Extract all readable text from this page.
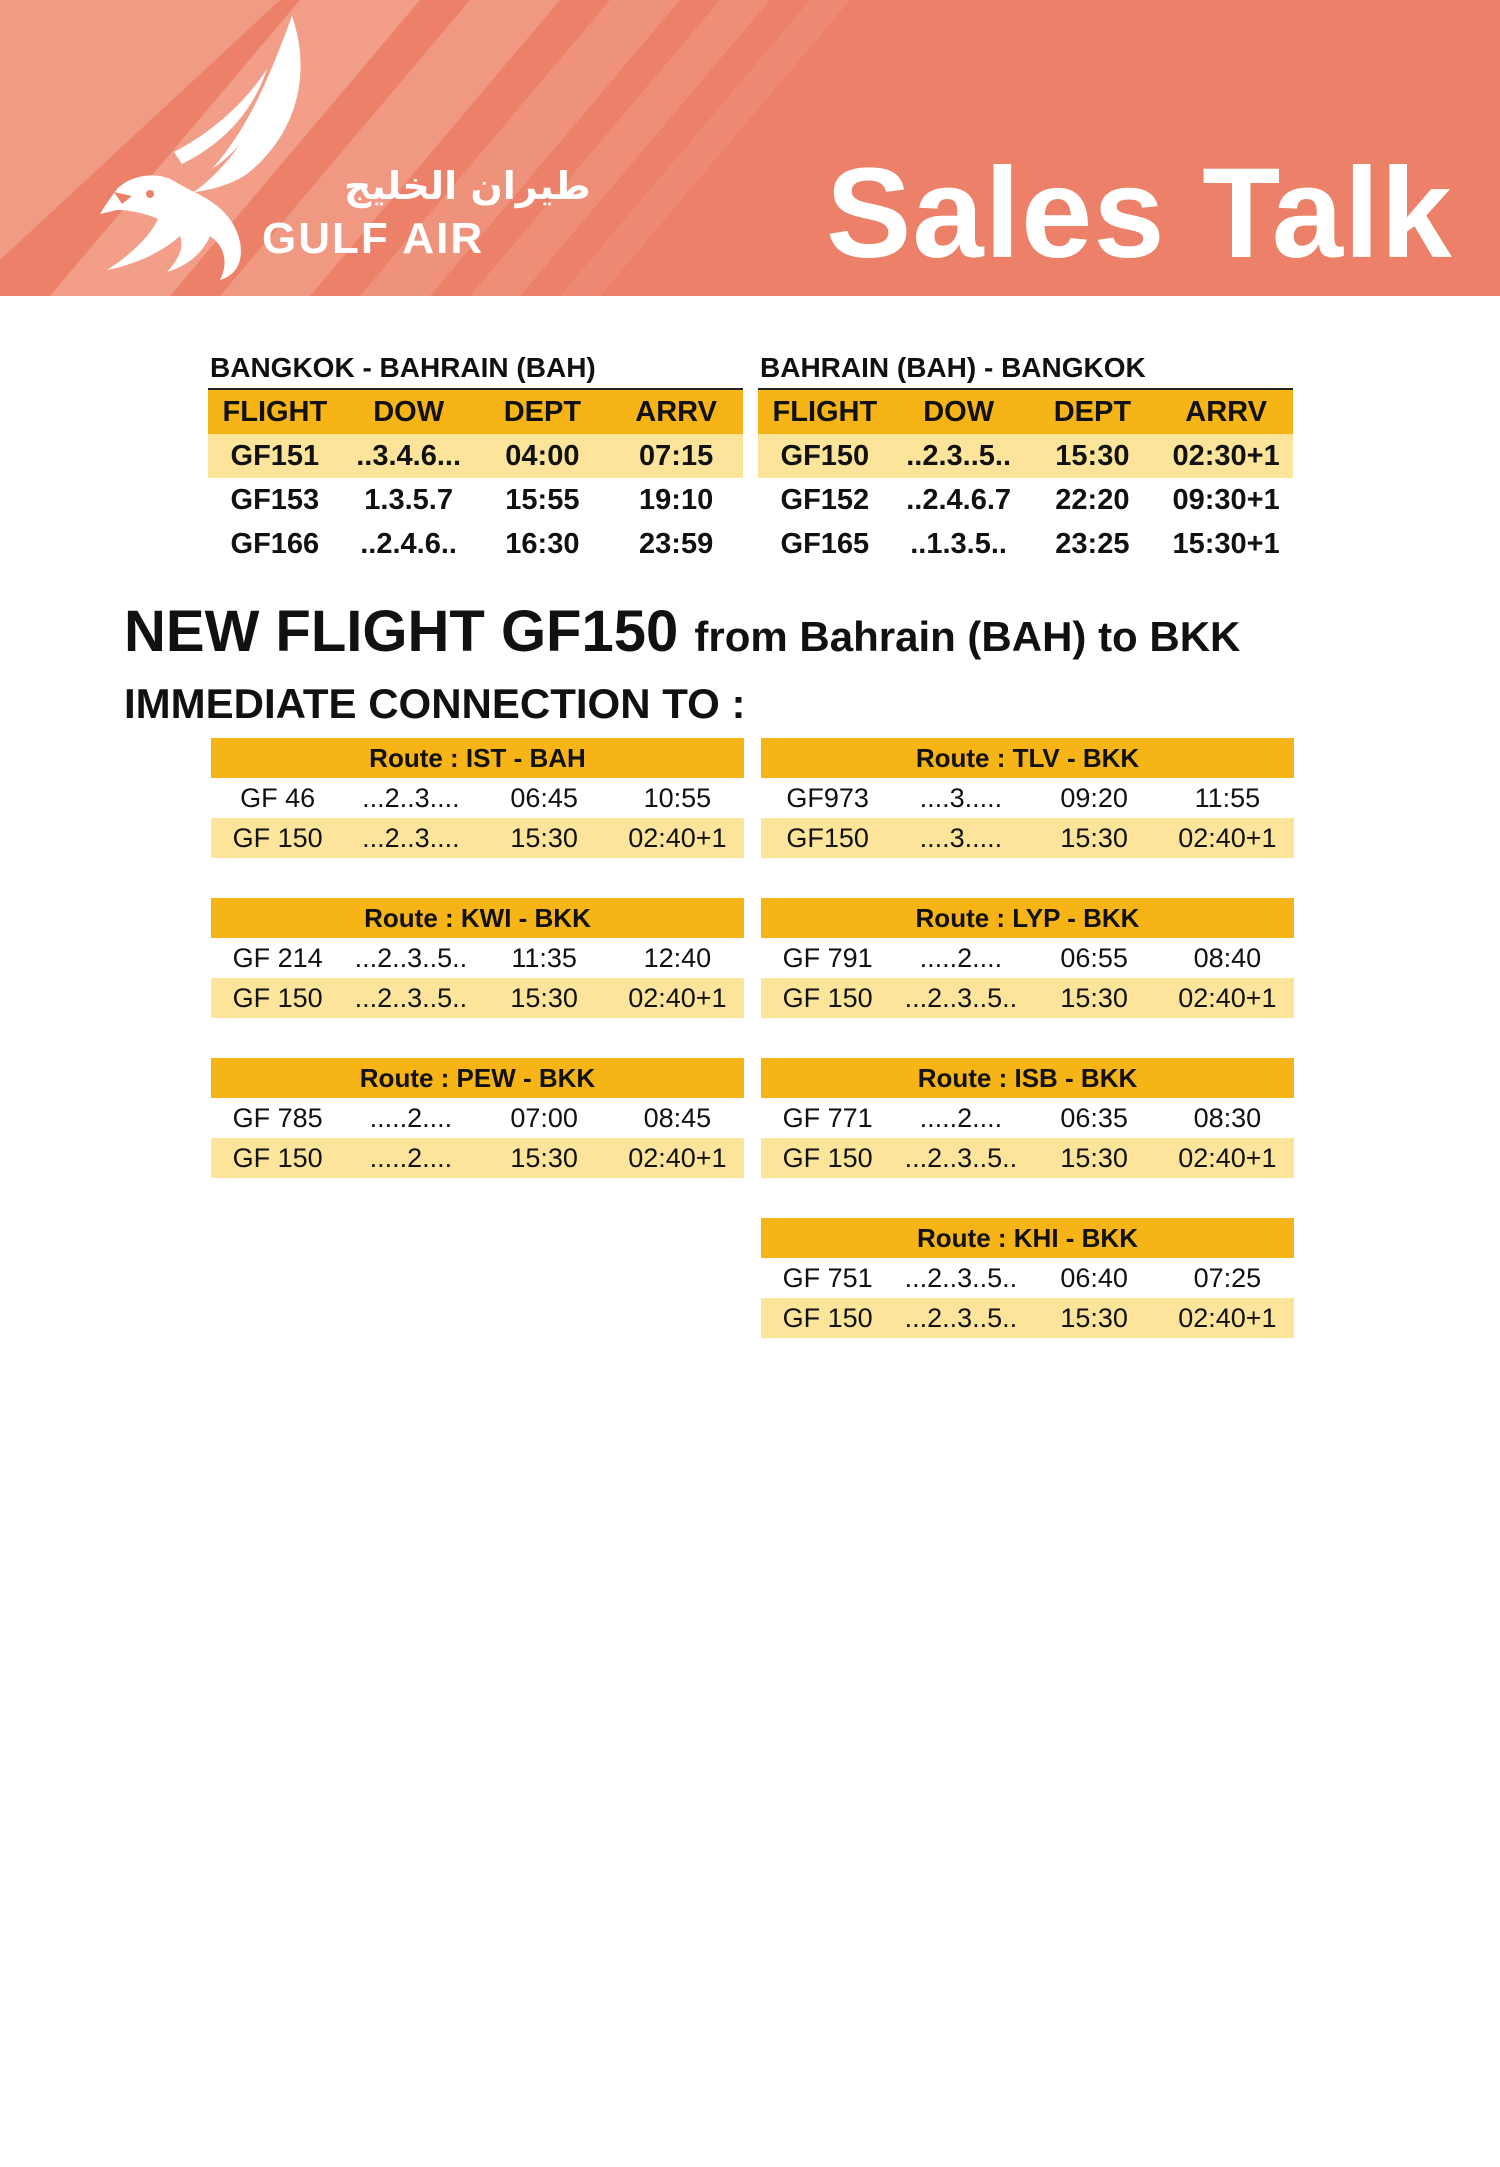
طيران الخليج
GULF AIR	Sales Talk
BANGKOK - BAHRAIN (BAH)
FLIGHT	DOW	DEPT	ARRV
GF151	..3.4.6...	04:00	07:15
GF153	1.3.5.7	15:55	19:10
GF166	..2.4.6..	16:30	23:59
BAHRAIN (BAH) - BANGKOK
FLIGHT	DOW	DEPT	ARRV
GF150	..2.3..5..	15:30	02:30+1
GF152	..2.4.6.7	22:20	09:30+1
GF165	..1.3.5..	23:25	15:30+1
NEW FLIGHT GF150 from Bahrain (BAH) to BKK
IMMEDIATE CONNECTION TO :
Route : IST - BAH
GF 46	...2..3....	06:45	10:55
GF 150	...2..3....	15:30	02:40+1
Route : TLV - BKK
GF973	....3.....	09:20	11:55
GF150	....3.....	15:30	02:40+1
Route : KWI - BKK
GF 214	...2..3..5..	11:35	12:40
GF 150	...2..3..5..	15:30	02:40+1
Route : LYP - BKK
GF 791	.....2....	06:55	08:40
GF 150	...2..3..5..	15:30	02:40+1
Route : PEW - BKK
GF 785	.....2....	07:00	08:45
GF 150	.....2....	15:30	02:40+1
Route : ISB - BKK
GF 771	.....2....	06:35	08:30
GF 150	...2..3..5..	15:30	02:40+1
Route : KHI - BKK
GF 751	...2..3..5..	06:40	07:25
GF 150	...2..3..5..	15:30	02:40+1
